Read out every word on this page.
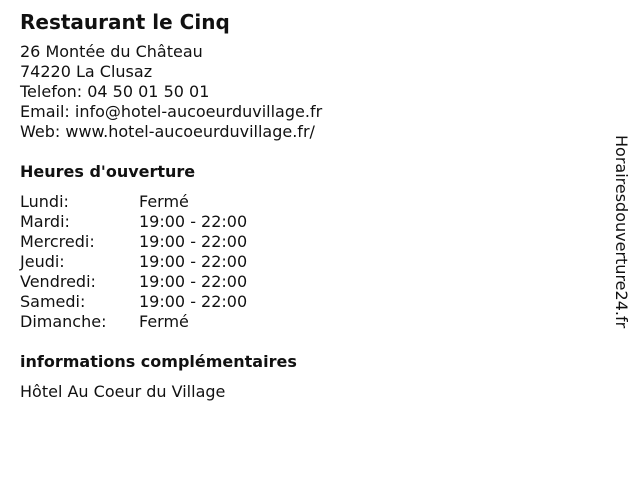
Restaurant le Cinq
26 Montée du Château
74220 La Clusaz
Telefon: 04 50 01 50 01
Email: info@hotel-aucoeurduvillage.fr
Web: www.hotel-aucoeurduvillage.fr/
Heures d'ouverture
Lundi:	Fermé
Mardi:	19:00 - 22:00
Mercredi:	19:00 - 22:00
Jeudi:	19:00 - 22:00
Vendredi:	19:00 - 22:00
Samedi:	19:00 - 22:00
Dimanche:	Fermé
informations complémentaires
Hôtel Au Coeur du Village
Horairesdouverture24.fr
